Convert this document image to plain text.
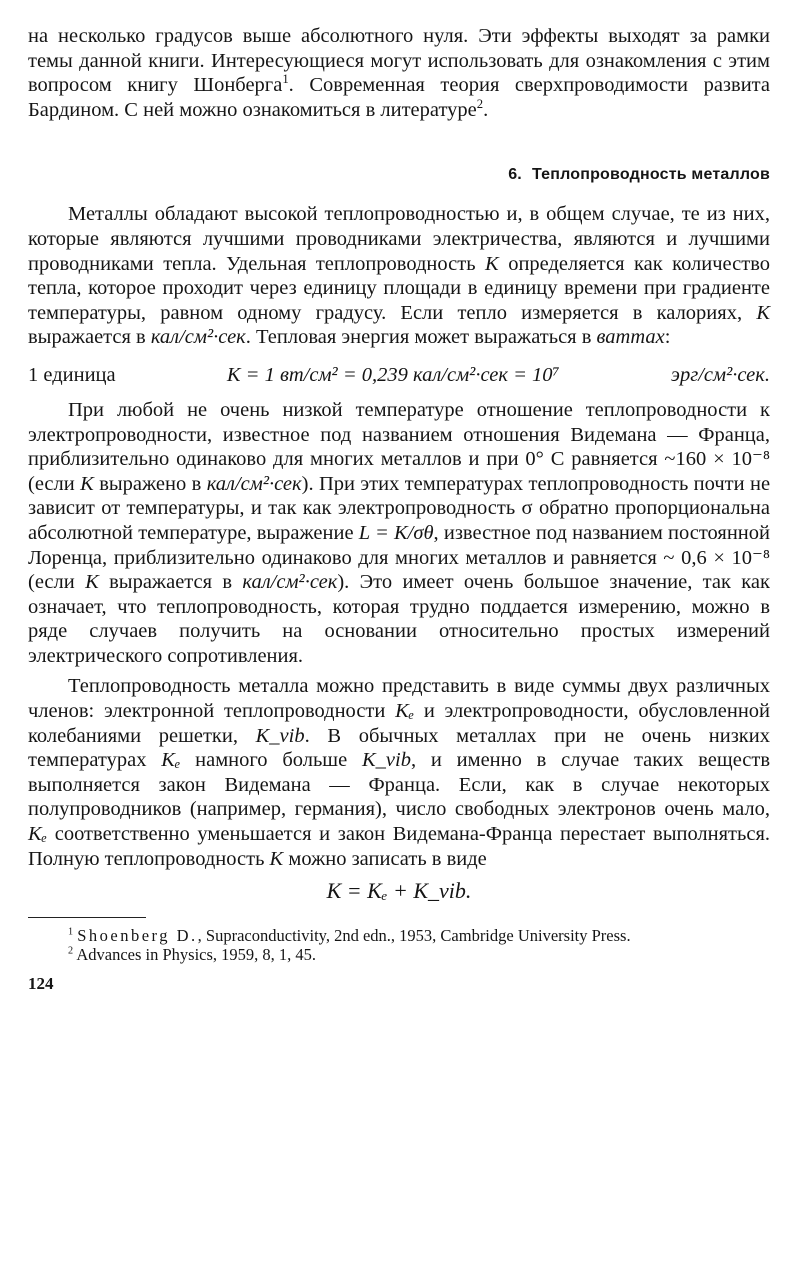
на несколько градусов выше абсолютного нуля. Эти эффекты выходят за рамки темы данной книги. Интересующиеся могут использовать для ознакомления с этим вопросом книгу Шонберга$^1$. Современная теория сверхпроводимости развита Бардином. С ней можно ознакомиться в литературе$^2$.

6. Теплопроводность металлов

Металлы обладают высокой теплопроводностью и, в общем случае, те из них, которые являются лучшими проводниками электричества, являются и лучшими проводниками тепла. Удельная теплопроводность K определяется как количество тепла, которое проходит через единицу площади в единицу времени при градиенте температуры, равном одному градусу. Если тепло измеряется в калориях, K выражается в кал/см²·сек. Тепловая энергия может выражаться в ваттах:

1 единица	K = 1 вт/см² = 0,239 кал/см²·сек = 10⁷	эрг/см²·сек.

При любой не очень низкой температуре отношение теплопроводности к электропроводности, известное под названием отношения Видемана — Франца, приблизительно одинаково для многих металлов и при 0° С равняется ~160 × 10⁻⁸ (если K выражено в кал/см²·сек). При этих температурах теплопроводность почти не зависит от температуры, и так как электропроводность σ обратно пропорциональна абсолютной температуре, выражение L = K/σθ, известное под названием постоянной Лоренца, приблизительно одинаково для многих металлов и равняется ~ 0,6 × 10⁻⁸ (если K выражается в кал/см²·сек). Это имеет очень большое значение, так как означает, что теплопроводность, которая трудно поддается измерению, можно в ряде случаев получить на основании относительно простых измерений электрического сопротивления.

Теплопроводность металла можно представить в виде суммы двух различных членов: электронной теплопроводности Kₑ и электропроводности, обусловленной колебаниями решетки, K_vib. В обычных металлах при не очень низких температурах Kₑ намного больше K_vib, и именно в случае таких веществ выполняется закон Видемана — Франца. Если, как в случае некоторых полупроводников (например, германия), число свободных электронов очень мало, Kₑ соответственно уменьшается и закон Видемана-Франца перестает выполняться. Полную теплопроводность K можно записать в виде

K = Kₑ + K_vib.

$^1$ Shoenberg D., Supraconductivity, 2nd edn., 1953, Cambridge University Press.

$^2$ Advances in Physics, 1959, 8, 1, 45.

124
